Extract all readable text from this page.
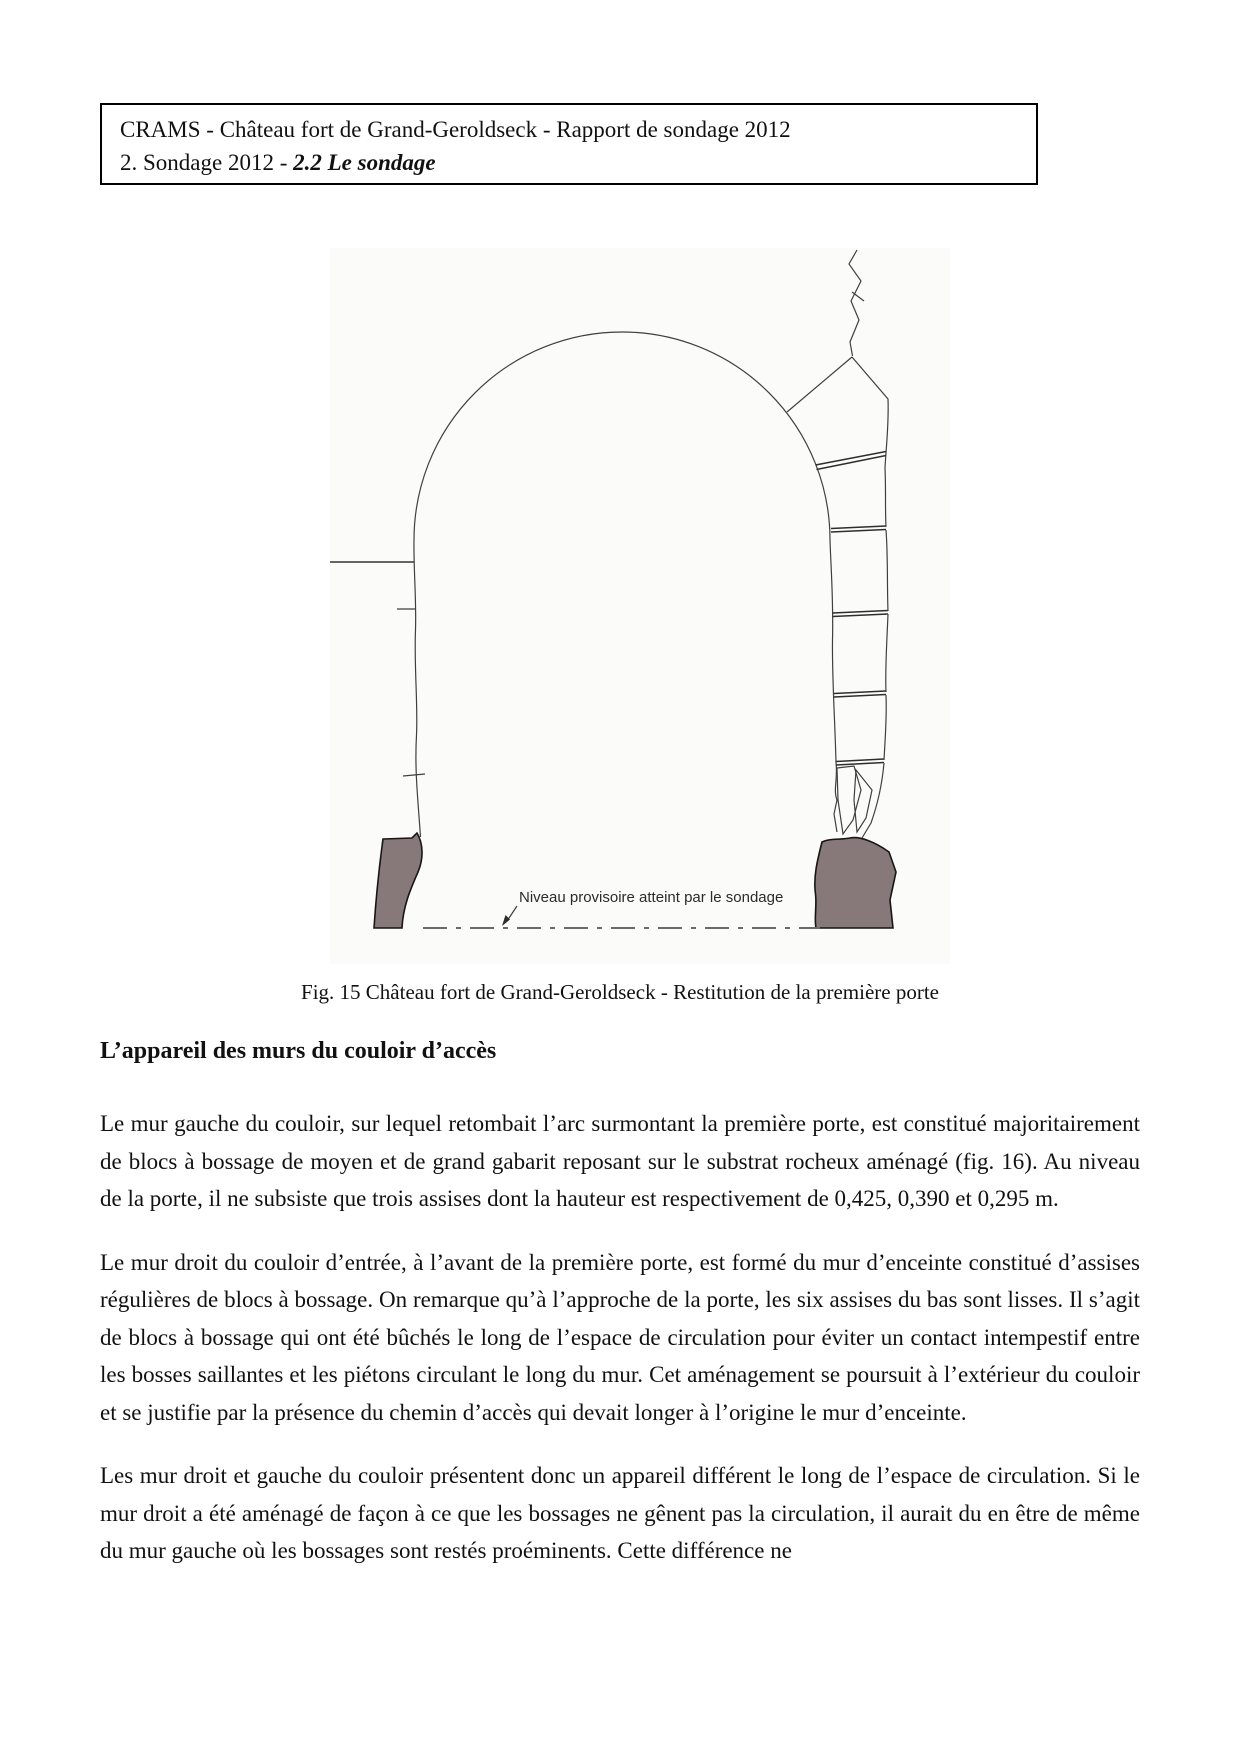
CRAMS - Château fort de Grand-Geroldseck - Rapport de sondage 2012
2. Sondage 2012 - 2.2 Le sondage
Niveau provisoire atteint par le sondage
Fig. 15 Château fort de Grand-Geroldseck - Restitution de la première porte
L’appareil des murs du couloir d’accès

Le mur gauche du couloir, sur lequel retombait l’arc surmontant la première porte, est constitué majoritairement de blocs à bossage de moyen et de grand gabarit reposant sur le substrat rocheux aménagé (fig. 16). Au niveau de la porte, il ne subsiste que trois assises dont la hauteur est respectivement de 0,425, 0,390 et 0,295 m.

Le mur droit du couloir d’entrée, à l’avant de la première porte, est formé du mur d’enceinte constitué d’assises régulières de blocs à bossage. On remarque qu’à l’approche de la porte, les six assises du bas sont lisses. Il s’agit de blocs à bossage qui ont été bûchés le long de l’espace de circulation pour éviter un contact intempestif entre les bosses saillantes et les piétons circulant le long du mur. Cet aménagement se poursuit à l’extérieur du couloir et se justifie par la présence du chemin d’accès qui devait longer à l’origine le mur d’enceinte.

Les mur droit et gauche du couloir présentent donc un appareil différent le long de l’espace de circulation. Si le mur droit a été aménagé de façon à ce que les bossages ne gênent pas la circulation, il aurait du en être de même du mur gauche où les bossages sont restés proéminents. Cette différence ne
